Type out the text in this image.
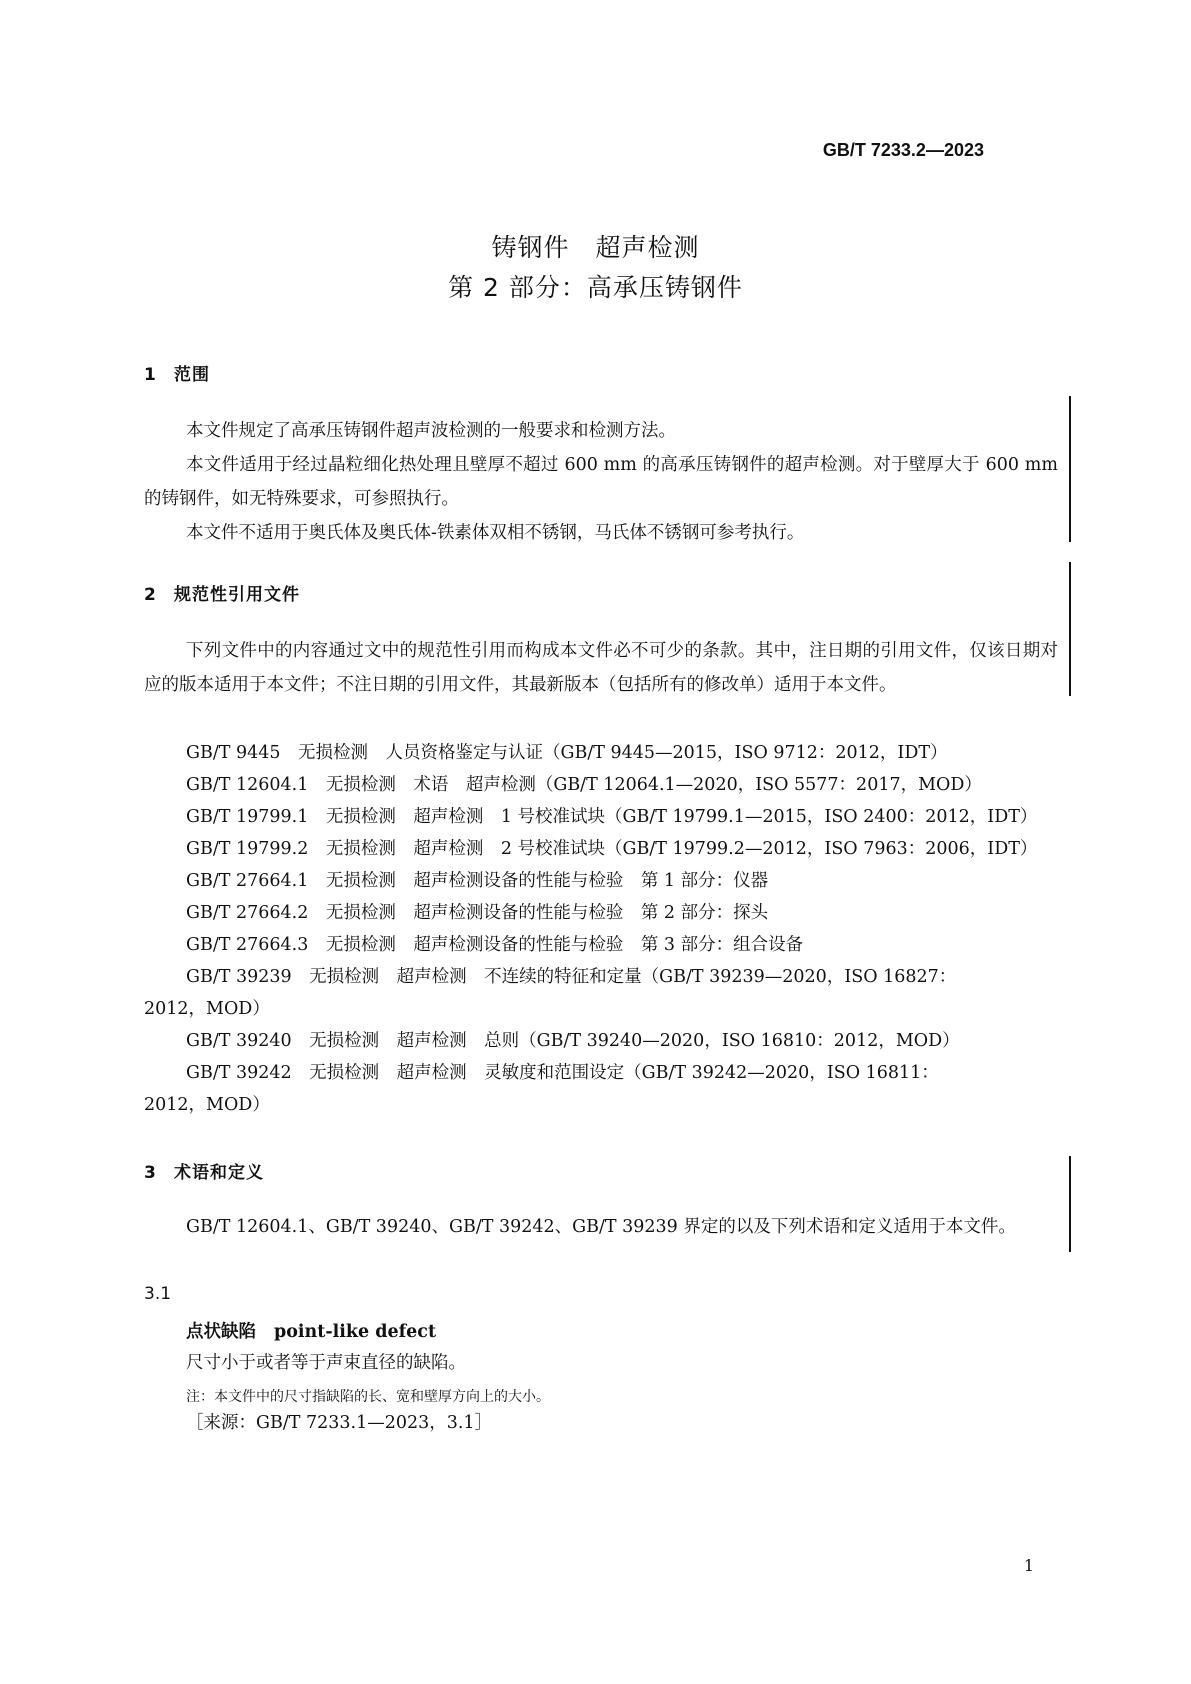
GB/T 7233.2—2023
铸钢件　超声检测
第 2 部分：高承压铸钢件
1 范围

本文件规定了高承压铸钢件超声波检测的一般要求和检测方法。

本文件适用于经过晶粒细化热处理且壁厚不超过 600 mm 的高承压铸钢件的超声检测。对于壁厚大于 600 mm 的铸钢件，如无特殊要求，可参照执行。

本文件不适用于奥氏体及奥氏体-铁素体双相不锈钢，马氏体不锈钢可参考执行。

2 规范性引用文件

下列文件中的内容通过文中的规范性引用而构成本文件必不可少的条款。其中，注日期的引用文件，仅该日期对应的版本适用于本文件；不注日期的引用文件，其最新版本（包括所有的修改单）适用于本文件。

GB/T 9445　无损检测　人员资格鉴定与认证（GB/T 9445—2015，ISO 9712：2012，IDT）
GB/T 12604.1　无损检测　术语　超声检测（GB/T 12064.1—2020，ISO 5577：2017，MOD）
GB/T 19799.1　无损检测　超声检测　1 号校准试块（GB/T 19799.1—2015，ISO 2400：2012，IDT）
GB/T 19799.2　无损检测　超声检测　2 号校准试块（GB/T 19799.2—2012，ISO 7963：2006，IDT）
GB/T 27664.1　无损检测　超声检测设备的性能与检验　第 1 部分：仪器
GB/T 27664.2　无损检测　超声检测设备的性能与检验　第 2 部分：探头
GB/T 27664.3　无损检测　超声检测设备的性能与检验　第 3 部分：组合设备
GB/T 39239　无损检测　超声检测　不连续的特征和定量（GB/T 39239—2020，ISO 16827：
2012，MOD）
GB/T 39240　无损检测　超声检测　总则（GB/T 39240—2020，ISO 16810：2012，MOD）
GB/T 39242　无损检测　超声检测　灵敏度和范围设定（GB/T 39242—2020，ISO 16811：
2012，MOD）
3 术语和定义

GB/T 12604.1、GB/T 39240、GB/T 39242、GB/T 39239 界定的以及下列术语和定义适用于本文件。

3.1
点状缺陷 point-like defect
尺寸小于或者等于声束直径的缺陷。
注：本文件中的尺寸指缺陷的长、宽和壁厚方向上的大小。
［来源：GB/T 7233.1—2023，3.1］
1
